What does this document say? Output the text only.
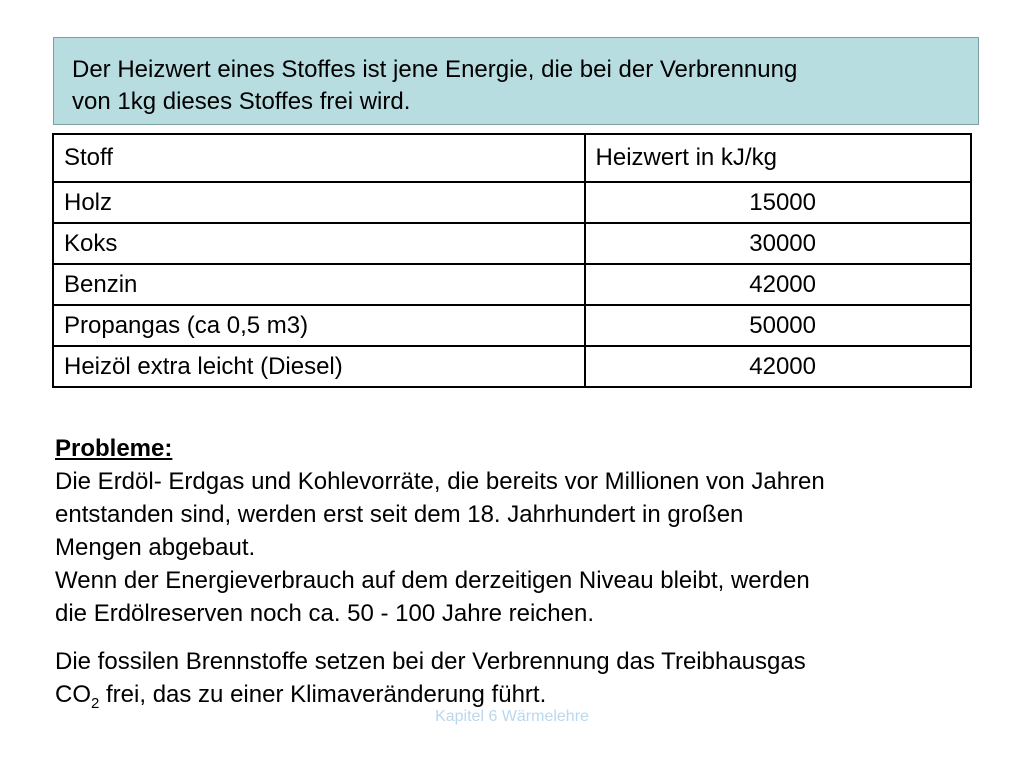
Der Heizwert eines Stoffes ist jene Energie, die bei der Verbrennung
von 1kg dieses Stoffes frei wird.
Stoff	Heizwert in kJ/kg
Holz	15000
Koks	30000
Benzin	42000
Propangas (ca 0,5 m3)	50000
Heizöl extra leicht (Diesel)	42000

Probleme:

Die Erdöl- Erdgas und Kohlevorräte, die bereits vor Millionen von Jahren

entstanden sind, werden erst seit dem 18. Jahrhundert in großen

Mengen abgebaut.

Wenn der Energieverbrauch auf dem derzeitigen Niveau bleibt, werden

die Erdölreserven noch ca. 50 - 100 Jahre reichen.

Die fossilen Brennstoffe setzen bei der Verbrennung das Treibhausgas

$CO_2$ frei, das zu einer Klimaveränderung führt.

Kapitel 6 Wärmelehre
